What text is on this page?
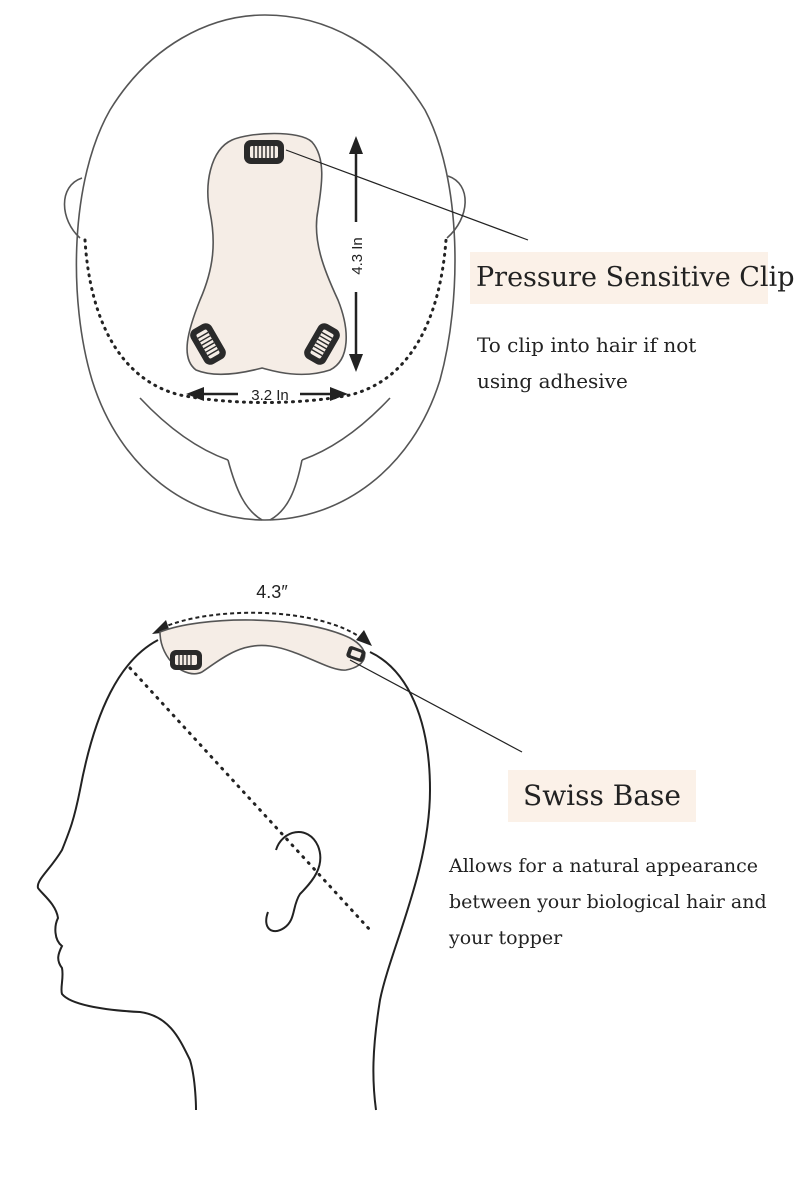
4.3 In
3.2 In
4.3″
Pressure Sensitive Clip
To clip into hair if not
using adhesive
Swiss Base
Allows for a natural appearance
between your biological hair and
your topper
